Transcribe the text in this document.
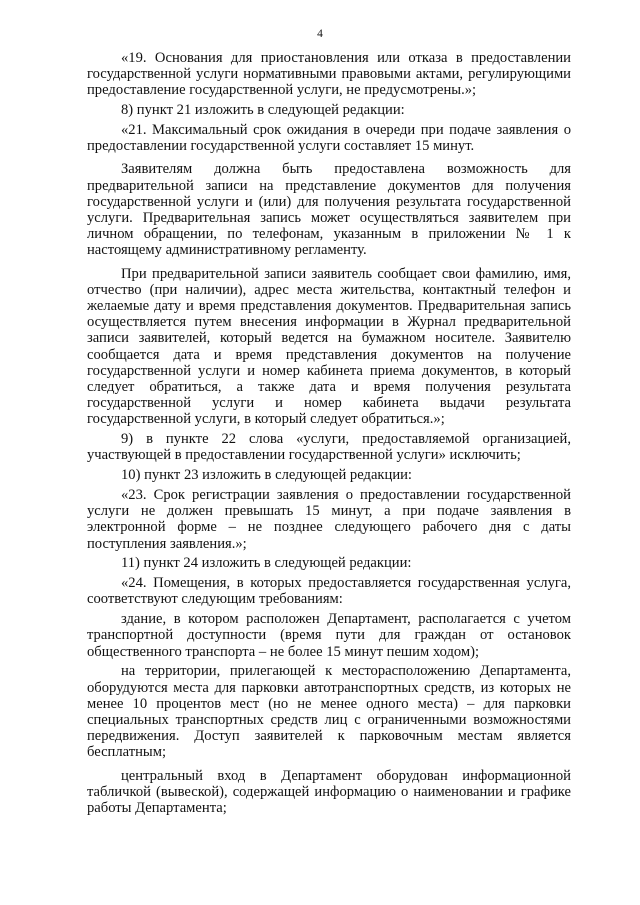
4

«19. Основания для приостановления или отказа в предоставлении государственной услуги нормативными правовыми актами, регулирующими предоставление государственной услуги, не предусмотрены.»;

8) пункт 21 изложить в следующей редакции:

«21. Максимальный срок ожидания в очереди при подаче заявления о предоставлении государственной услуги составляет 15 минут.

Заявителям должна быть предоставлена возможность для предварительной записи на представление документов для получения государственной услуги и (или) для получения результата государственной услуги. Предварительная запись может осуществляться заявителем при личном обращении, по телефонам, указанным в приложении № 1 к настоящему административному регламенту.

При предварительной записи заявитель сообщает свои фамилию, имя, отчество (при наличии), адрес места жительства, контактный телефон и желаемые дату и время представления документов. Предварительная запись осуществляется путем внесения информации в Журнал предварительной записи заявителей, который ведется на бумажном носителе. Заявителю сообщается дата и время представления документов на получение государственной услуги и номер кабинета приема документов, в который следует обратиться, а также дата и время получения результата государственной услуги и номер кабинета выдачи результата государственной услуги, в который следует обратиться.»;

9) в пункте 22 слова «услуги, предоставляемой организацией, участвующей в предоставлении государственной услуги» исключить;

10) пункт 23 изложить в следующей редакции:

«23. Срок регистрации заявления о предоставлении государственной услуги не должен превышать 15 минут, а при подаче заявления в электронной форме – не позднее следующего рабочего дня с даты поступления заявления.»;

11) пункт 24 изложить в следующей редакции:

«24. Помещения, в которых предоставляется государственная услуга, соответствуют следующим требованиям:

здание, в котором расположен Департамент, располагается с учетом транспортной доступности (время пути для граждан от остановок общественного транспорта – не более 15 минут пешим ходом);

на территории, прилегающей к месторасположению Департамента, оборудуются места для парковки автотранспортных средств, из которых не менее 10 процентов мест (но не менее одного места) – для парковки специальных транспортных средств лиц с ограниченными возможностями передвижения. Доступ заявителей к парковочным местам является бесплатным;

центральный вход в Департамент оборудован информационной табличкой (вывеской), содержащей информацию о наименовании и графике работы Департамента;
